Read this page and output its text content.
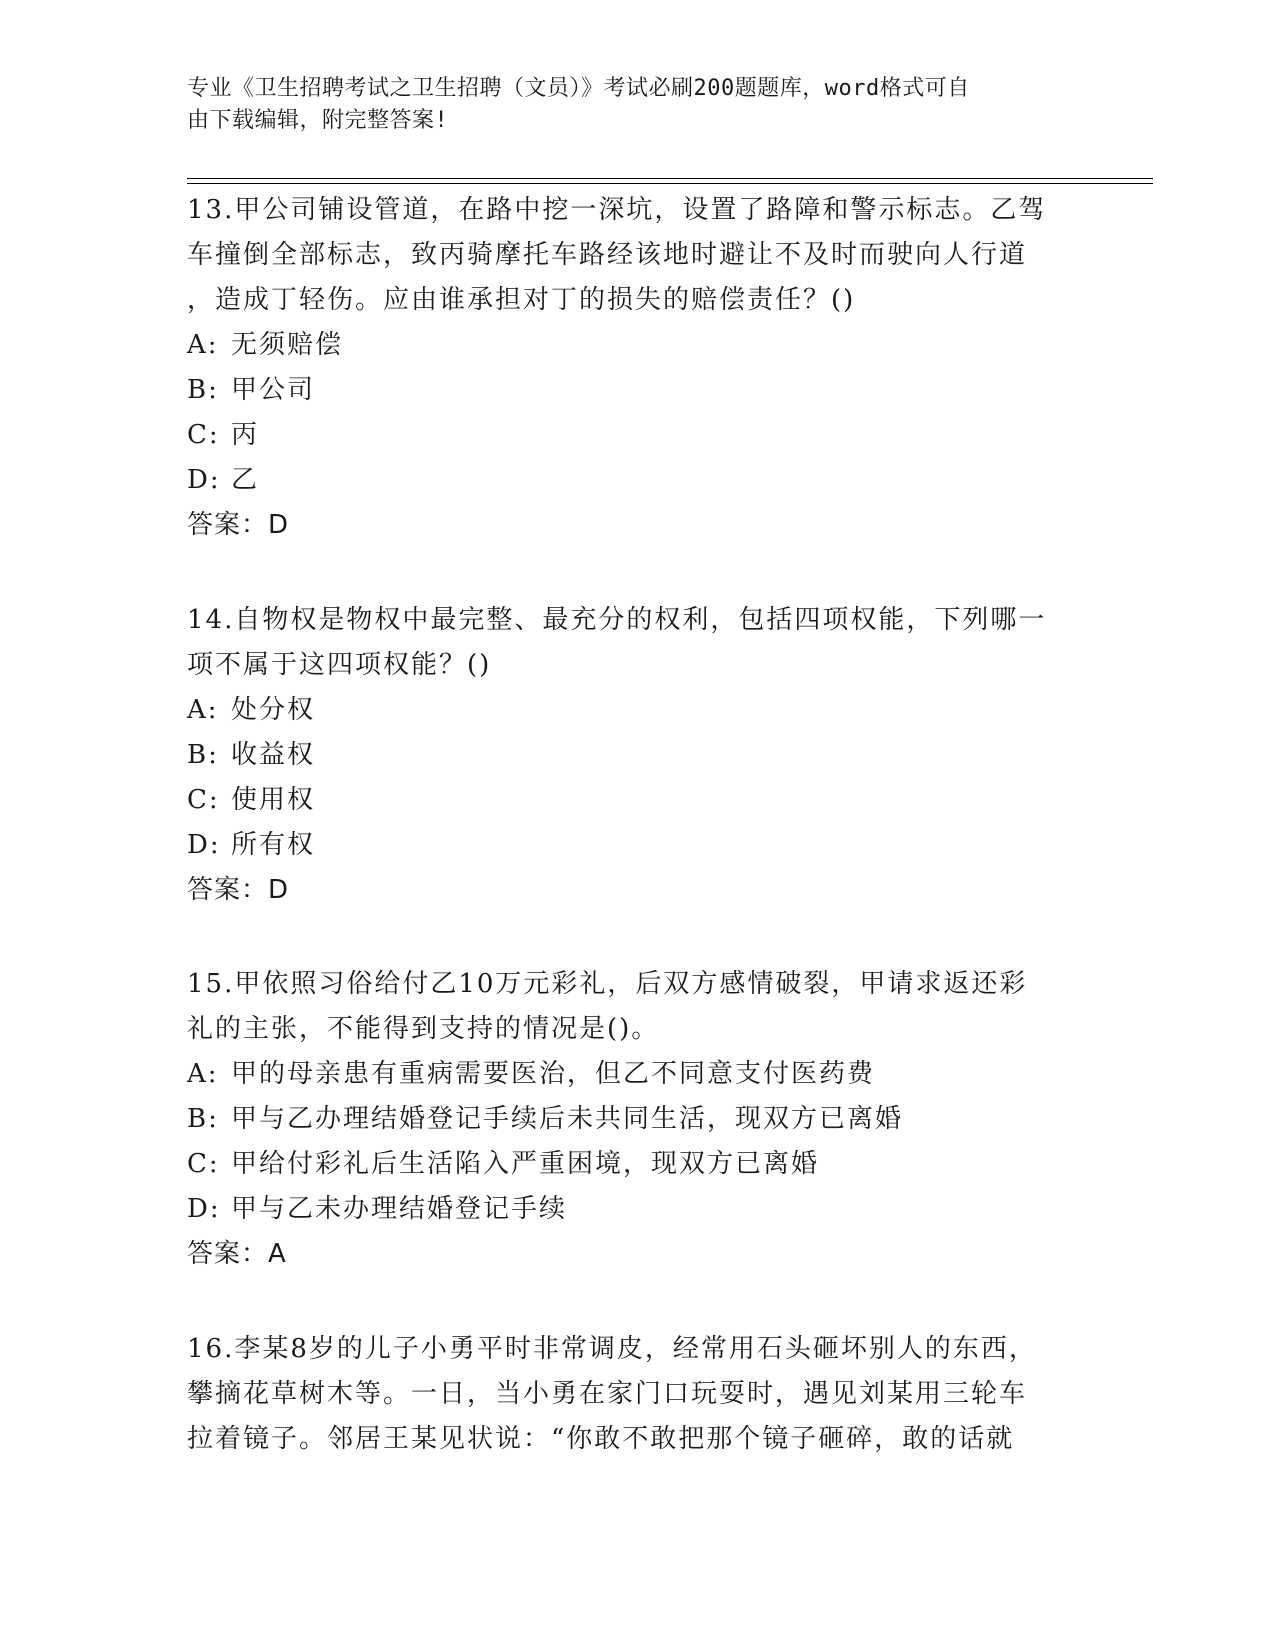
专业《卫生招聘考试之卫生招聘（文员）》考试必刷200题题库，word格式可自
由下载编辑，附完整答案!

13.甲公司铺设管道，在路中挖一深坑，设置了路障和警示标志。乙驾

车撞倒全部标志，致丙骑摩托车路经该地时避让不及时而驶向人行道

，造成丁轻伤。应由谁承担对丁的损失的赔偿责任？()

A: 无须赔偿

B: 甲公司

C: 丙

D: 乙

答案：D

14.自物权是物权中最完整、最充分的权利，包括四项权能，下列哪一

项不属于这四项权能？()

A: 处分权

B: 收益权

C: 使用权

D: 所有权

答案：D

15.甲依照习俗给付乙10万元彩礼，后双方感情破裂，甲请求返还彩

礼的主张，不能得到支持的情况是()。

A: 甲的母亲患有重病需要医治，但乙不同意支付医药费

B: 甲与乙办理结婚登记手续后未共同生活，现双方已离婚

C: 甲给付彩礼后生活陷入严重困境，现双方已离婚

D: 甲与乙未办理结婚登记手续

答案：A

16.李某8岁的儿子小勇平时非常调皮，经常用石头砸坏别人的东西，

攀摘花草树木等。一日，当小勇在家门口玩耍时，遇见刘某用三轮车

拉着镜子。邻居王某见状说：“你敢不敢把那个镜子砸碎，敢的话就
